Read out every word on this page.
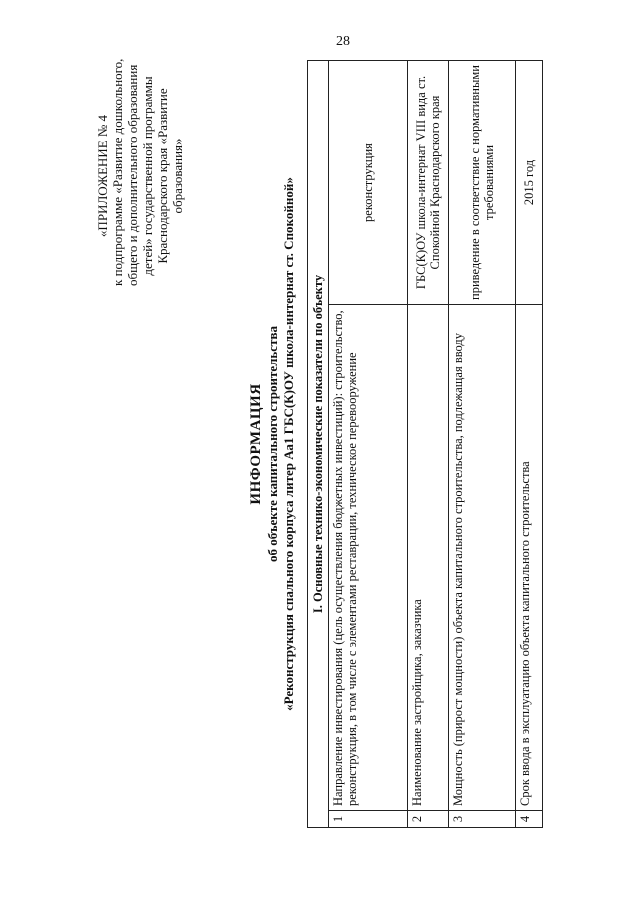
28
«ПРИЛОЖЕНИЕ № 4 к подпрограмме «Развитие дошкольного, общего и дополнительного образования детей» государственной программы Краснодарского края «Развитие образования»
ИНФОРМАЦИЯ об объекте капитального строительства «Реконструкция спального корпуса литер Аа1 ГБС(К)ОУ школа-интернат ст. Спокойной» I. Основные технико-экономические показатели по объекту		
1	Направление инвестирования (цель осуществления бюджетных инвестиций): строительство, реконструкция, в том числе с элементами реставрации, техническое перевооружение	реконструкция
2	Наименование застройщика, заказчика	ГБС(К)ОУ школа-интернат VIII вида ст. Спокойной Краснодарского края
3	Мощность (прирост мощности) объекта капитального строительства, подлежащая вводу	приведение в соответствие с нормативными требованиями
4	Срок ввода в эксплуатацию объекта капитального строительства	2015 год
